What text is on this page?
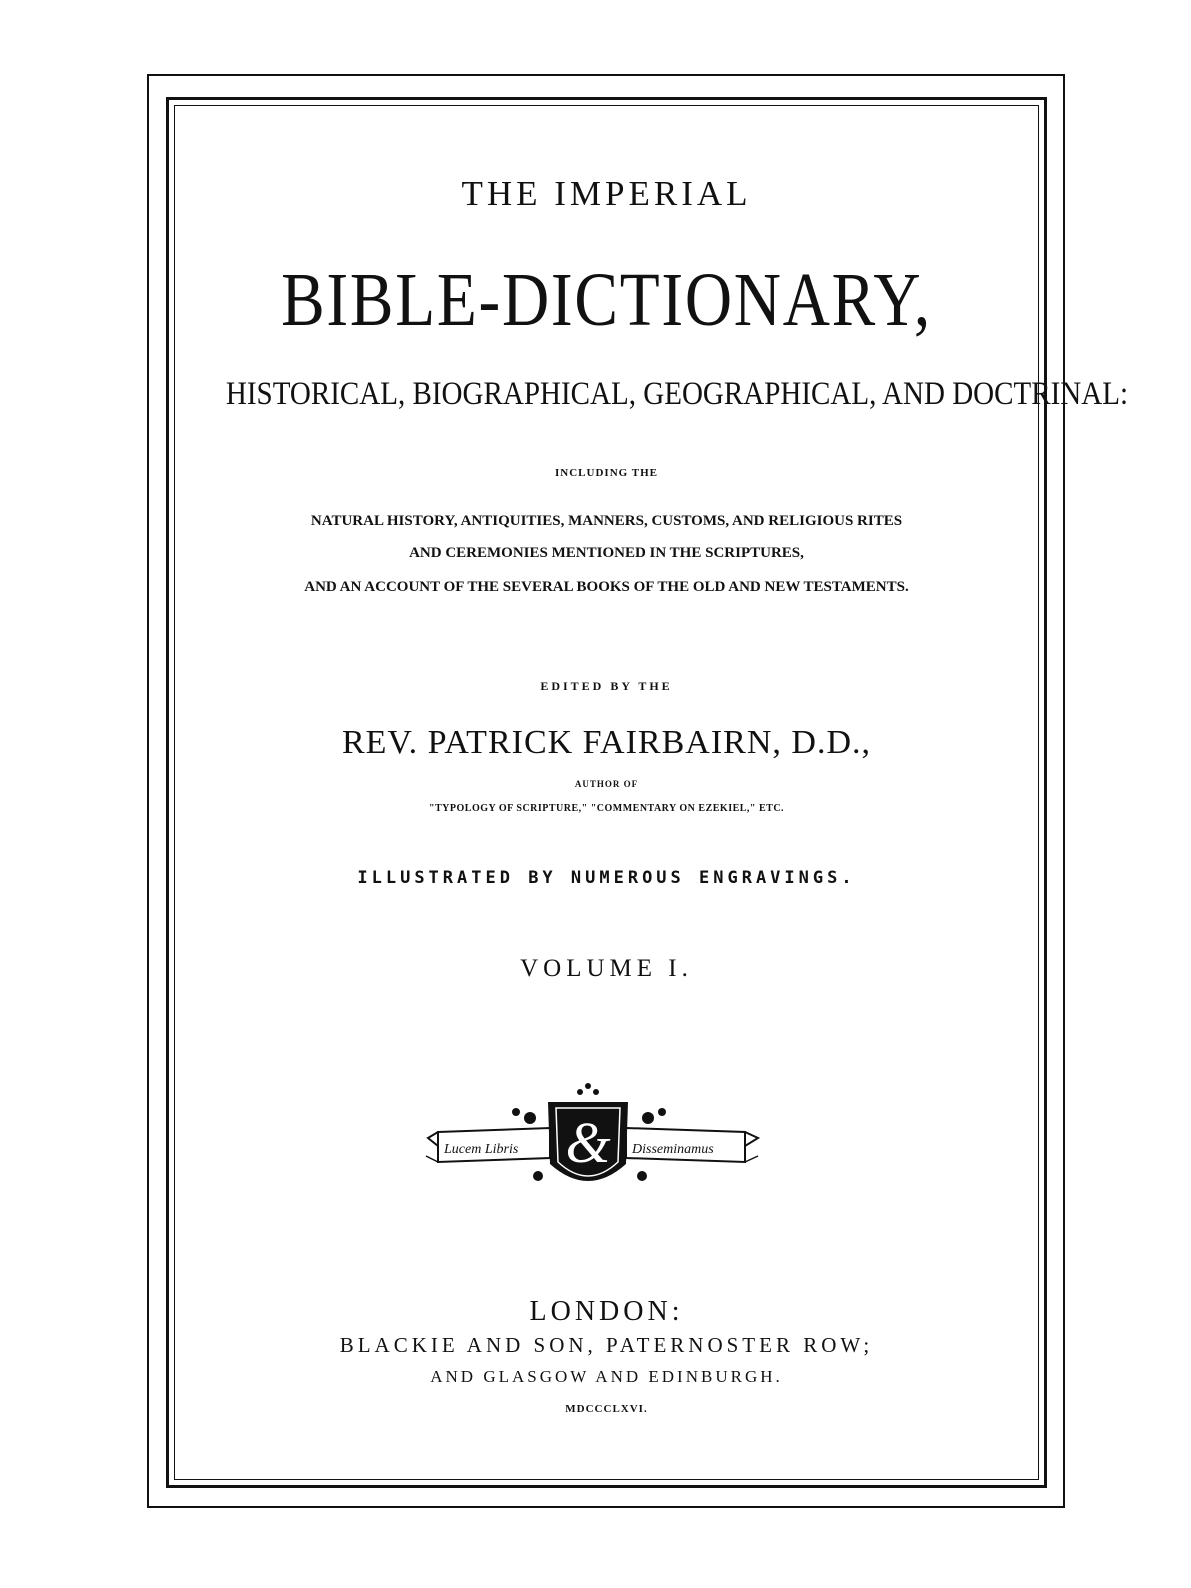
THE IMPERIAL
BIBLE-DICTIONARY,
HISTORICAL, BIOGRAPHICAL, GEOGRAPHICAL, AND DOCTRINAL:
INCLUDING THE
NATURAL HISTORY, ANTIQUITIES, MANNERS, CUSTOMS, AND RELIGIOUS RITES
AND CEREMONIES MENTIONED IN THE SCRIPTURES,
AND AN ACCOUNT OF THE SEVERAL BOOKS OF THE OLD AND NEW TESTAMENTS.
EDITED BY THE
REV. PATRICK FAIRBAIRN, D.D.,
AUTHOR OF
"TYPOLOGY OF SCRIPTURE," "COMMENTARY ON EZEKIEL," ETC.
ILLUSTRATED BY NUMEROUS ENGRAVINGS.
VOLUME I.
&
Lucem Libris	Disseminamus
LONDON:
BLACKIE AND SON, PATERNOSTER ROW;
AND GLASGOW AND EDINBURGH.
MDCCCLXVI.
